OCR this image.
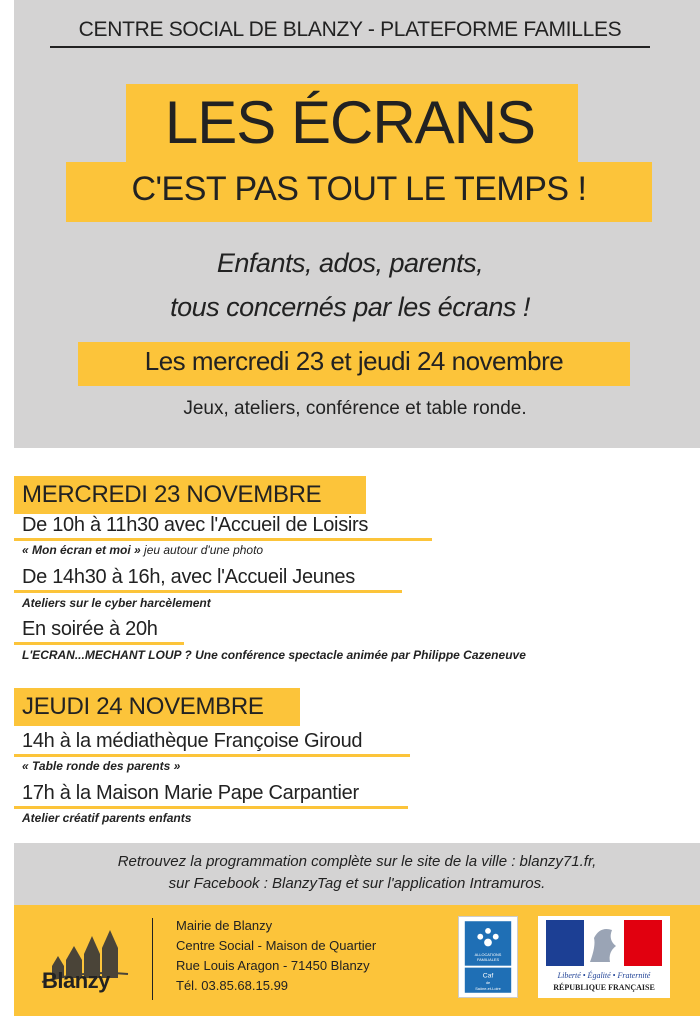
CENTRE SOCIAL DE BLANZY - PLATEFORME FAMILLES
LES ÉCRANS
C'EST PAS TOUT LE TEMPS !
Enfants, ados, parents,
tous concernés par les écrans !
Les mercredi 23 et jeudi 24 novembre
Jeux, ateliers, conférence et table ronde.
MERCREDI 23 NOVEMBRE
De 10h à 11h30 avec l'Accueil de Loisirs
« Mon écran et moi » jeu autour d'une photo
De 14h30 à 16h, avec l'Accueil Jeunes
Ateliers sur le cyber harcèlement
En soirée à 20h
L'ECRAN...MECHANT LOUP ? Une conférence spectacle animée par Philippe Cazeneuve
JEUDI 24 NOVEMBRE
14h à la médiathèque Françoise Giroud
« Table ronde des parents »
17h à la Maison Marie Pape Carpantier
Atelier créatif parents enfants
Retrouvez la programmation complète sur le site de la ville : blanzy71.fr,
sur Facebook : BlanzyTag et sur l'application Intramuros.
Blanzy
Mairie de Blanzy
Centre Social - Maison de Quartier
Rue Louis Aragon - 71450 Blanzy
Tél. 03.85.68.15.99
ALLOCATIONS
FAMILIALES
Caf
de
Saône-et-Loire
Liberté • Égalité • Fraternité
RÉPUBLIQUE FRANÇAISE
